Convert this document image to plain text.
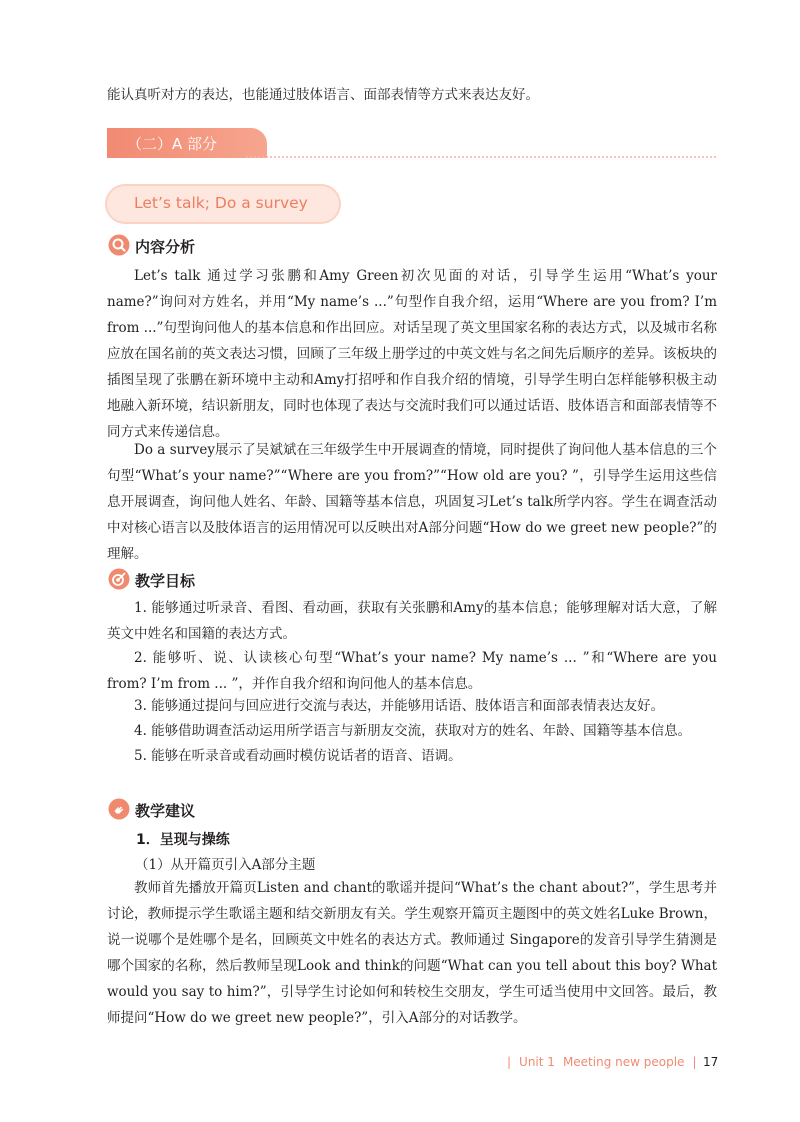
能认真听对方的表达，也能通过肢体语言、面部表情等方式来表达友好。

（二）A 部分
Let’s talk; Do a survey
内容分析

Let’s talk 通过学习张鹏和Amy Green初次见面的对话，引导学生运用“What’s your name?”询问对方姓名，并用“My name’s ...”句型作自我介绍，运用“Where are you from? I’m from ...”句型询问他人的基本信息和作出回应。对话呈现了英文里国家名称的表达方式，以及城市名称应放在国名前的英文表达习惯，回顾了三年级上册学过的中英文姓与名之间先后顺序的差异。该板块的插图呈现了张鹏在新环境中主动和Amy打招呼和作自我介绍的情境，引导学生明白怎样能够积极主动地融入新环境，结识新朋友，同时也体现了表达与交流时我们可以通过话语、肢体语言和面部表情等不同方式来传递信息。

Do a survey展示了吴斌斌在三年级学生中开展调查的情境，同时提供了询问他人基本信息的三个句型“What’s your name?”“Where are you from?”“How old are you? ”，引导学生运用这些信息开展调查，询问他人姓名、年龄、国籍等基本信息，巩固复习Let’s talk所学内容。学生在调查活动中对核心语言以及肢体语言的运用情况可以反映出对A部分问题“How do we greet new people?”的理解。

教学目标

1. 能够通过听录音、看图、看动画，获取有关张鹏和Amy的基本信息；能够理解对话大意，了解英文中姓名和国籍的表达方式。

2. 能够听、说、认读核心句型“What’s your name? My name’s ... ”和“Where are you from? I’m from ... ”，并作自我介绍和询问他人的基本信息。

3. 能够通过提问与回应进行交流与表达，并能够用话语、肢体语言和面部表情表达友好。

4. 能够借助调查活动运用所学语言与新朋友交流，获取对方的姓名、年龄、国籍等基本信息。

5. 能够在听录音或看动画时模仿说话者的语音、语调。

教学建议
1．呈现与操练
（1）从开篇页引入A部分主题

教师首先播放开篇页Listen and chant的歌谣并提问“What’s the chant about?”，学生思考并讨论，教师提示学生歌谣主题和结交新朋友有关。学生观察开篇页主题图中的英文姓名Luke Brown，说一说哪个是姓哪个是名，回顾英文中姓名的表达方式。教师通过 Singapore的发音引导学生猜测是哪个国家的名称，然后教师呈现Look and think的问题“What can you tell about this boy? What would you say to him?”，引导学生讨论如何和转校生交朋友，学生可适当使用中文回答。最后，教师提问“How do we greet new people?”，引入A部分的对话教学。

| Unit 1 Meeting new people | 17
